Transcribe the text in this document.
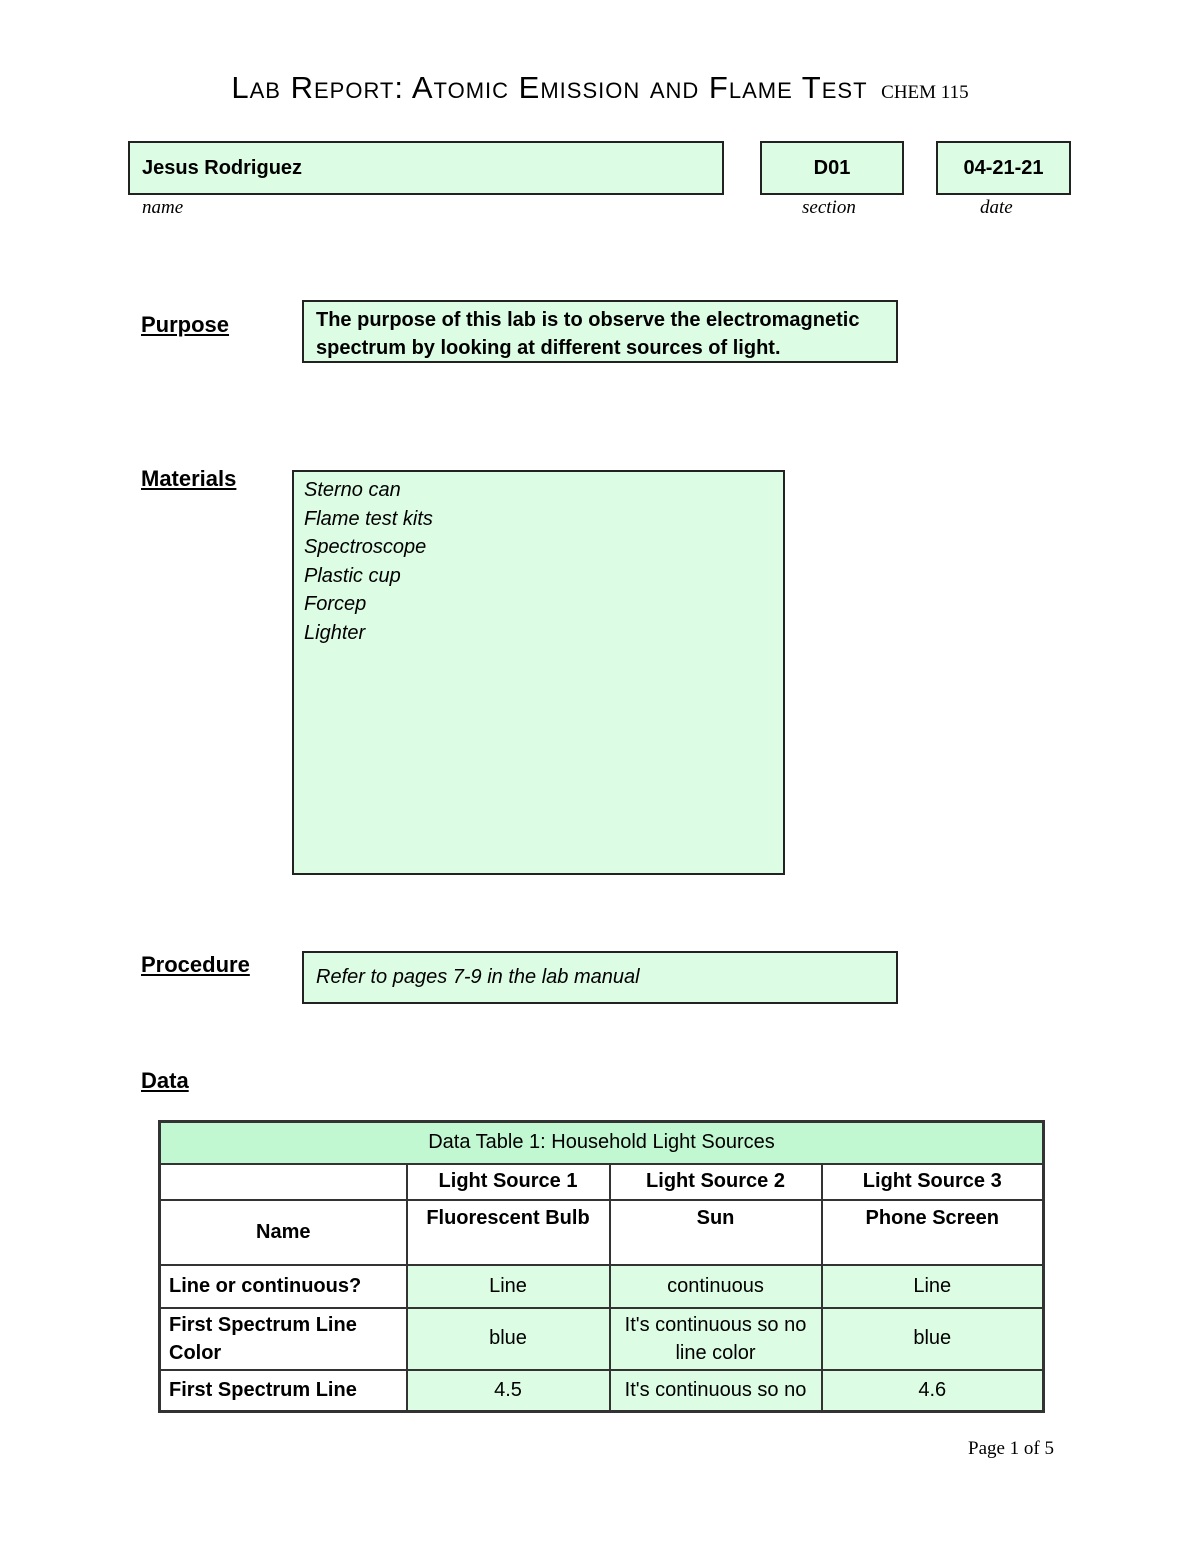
Lab Report: Atomic Emission and Flame Test CHEM 115
Jesus Rodriguez
name
D01
section
04-21-21
date
Purpose	The purpose of this lab is to observe the electromagnetic spectrum by looking at different sources of light.
Materials	Sterno can
Flame test kits
Spectroscope
Plastic cup
Forcep
Lighter
Procedure	Refer to pages 7-9 in the lab manual
Data
Data Table 1: Household Light Sources			
	Light Source 1	Light Source 2	Light Source 3
Name	Fluorescent Bulb	Sun	Phone Screen
Line or continuous?	Line	continuous	Line
First Spectrum Line Color	blue	It's continuous so no line color	blue
First Spectrum Line	4.5	It's continuous so no	4.6
Page 1 of 5
